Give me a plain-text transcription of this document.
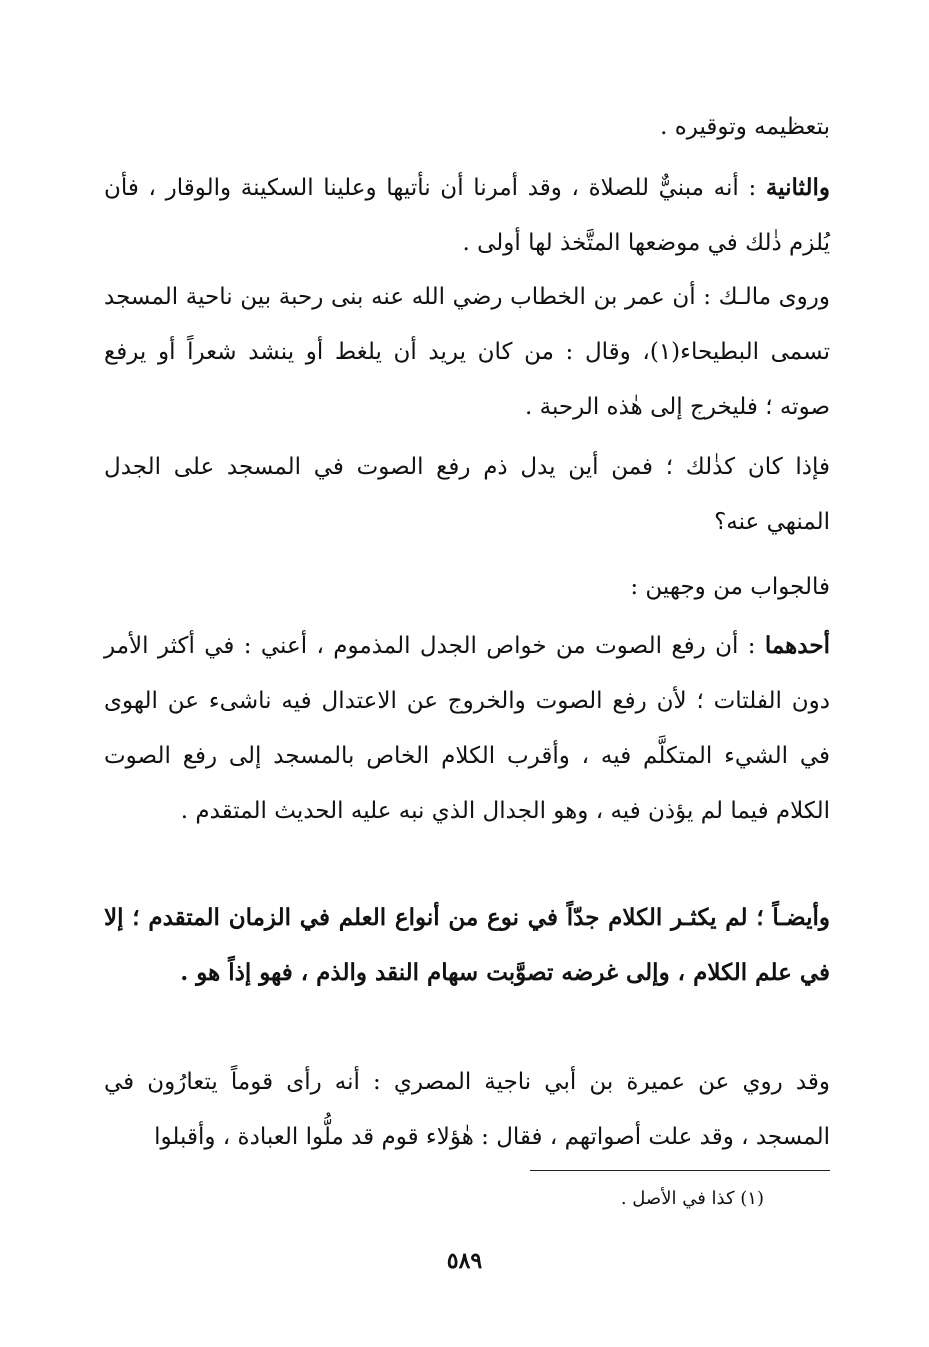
بتعظيمه وتوقيره .
والثانية : أنه مبنيٌّ للصلاة ، وقد أمرنا أن نأتيها وعلينا السكينة والوقار ، فأن يُلزم ذٰلك في موضعها المتَّخذ لها أولى .
وروى مالـك : أن عمر بن الخطاب رضي الله عنه بنى رحبة بين ناحية المسجد تسمى البطيحاء(١)، وقال : من كان يريد أن يلغط أو ينشد شعراً أو يرفع صوته ؛ فليخرج إلى هٰذه الرحبة .
فإذا كان كذٰلك ؛ فمن أين يدل ذم رفع الصوت في المسجد على الجدل المنهي عنه؟
فالجواب من وجهين :
أحدهما : أن رفع الصوت من خواص الجدل المذموم ، أعني : في أكثر الأمر دون الفلتات ؛ لأن رفع الصوت والخروج عن الاعتدال فيه ناشىء عن الهوى في الشيء المتكلَّم فيه ، وأقرب الكلام الخاص بالمسجد إلى رفع الصوت الكلام فيما لم يؤذن فيه ، وهو الجدال الذي نبه عليه الحديث المتقدم .
وأيضـاً ؛ لم يكثـر الكلام جدّاً في نوع من أنواع العلم في الزمان المتقدم ؛ إلا في علم الكلام ، وإلى غرضه تصوَّبت سهام النقد والذم ، فهو إذاً هو .
وقد روي عن عميرة بن أبي ناجية المصري : أنه رأى قوماً يتعارُون في المسجد ، وقد علت أصواتهم ، فقال : هٰؤلاء قوم قد ملُّوا العبادة ، وأقبلوا
(١) كذا في الأصل .
٥٨٩
